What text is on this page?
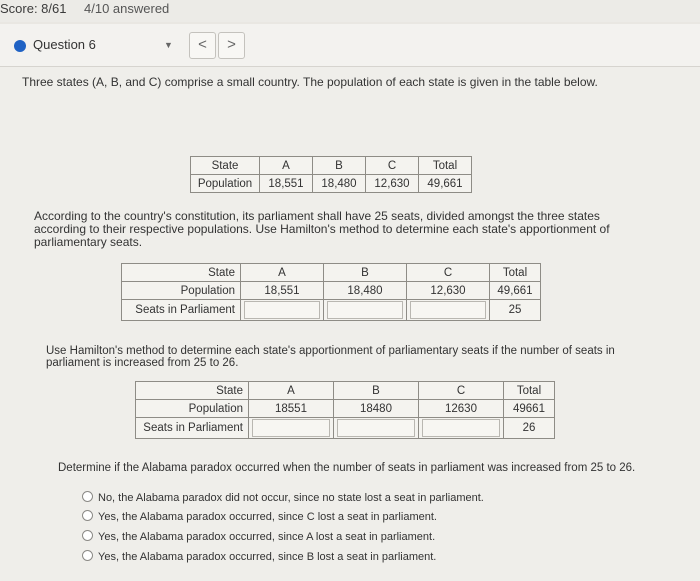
Score: 8/61 4/10 answered
Question 6	▼	<	>

Three states (A, B, and C) comprise a small country. The population of each state is given in the table below.

State	A	B	C	Total
Population	18,551	18,480	12,630	49,661

According to the country's constitution, its parliament shall have 25 seats, divided amongst the three states according to their respective populations. Use Hamilton's method to determine each state's apportionment of parliamentary seats.

State	A	B	C	Total
Population	18,551	18,480	12,630	49,661
Seats in Parliament				25

Use Hamilton's method to determine each state's apportionment of parliamentary seats if the number of seats in parliament is increased from 25 to 26.

State	A	B	C	Total
Population	18551	18480	12630	49661
Seats in Parliament				26

Determine if the Alabama paradox occurred when the number of seats in parliament was increased from 25 to 26.

No, the Alabama paradox did not occur, since no state lost a seat in parliament.
Yes, the Alabama paradox occurred, since C lost a seat in parliament.
Yes, the Alabama paradox occurred, since A lost a seat in parliament.
Yes, the Alabama paradox occurred, since B lost a seat in parliament.
